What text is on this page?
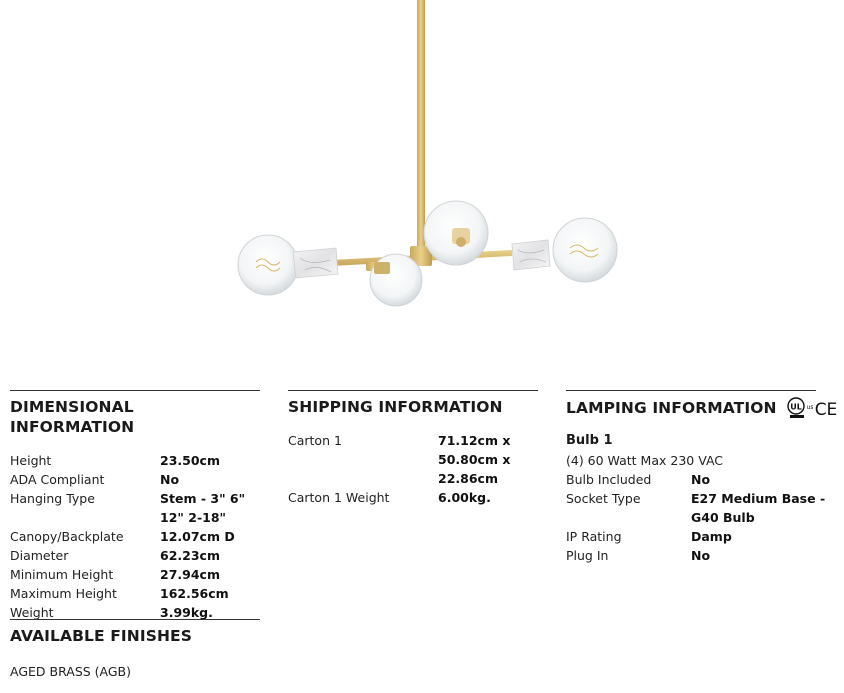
DIMENSIONAL INFORMATION
Height	23.50cm
ADA Compliant	No
Hanging Type	Stem - 3" 6" 12" 2-18"
Canopy/Backplate	12.07cm D
Diameter	62.23cm
Minimum Height	27.94cm
Maximum Height	162.56cm
Weight	3.99kg.
SHIPPING INFORMATION
Carton 1	71.12cm x 50.80cm x 22.86cm
Carton 1 Weight	6.00kg.
LAMPING INFORMATION UL us CE
Bulb 1
(4) 60 Watt Max 230 VAC
Bulb Included	No
Socket Type	E27 Medium Base - G40 Bulb
IP Rating	Damp
Plug In	No
AVAILABLE FINISHES
AGED BRASS (AGB)
